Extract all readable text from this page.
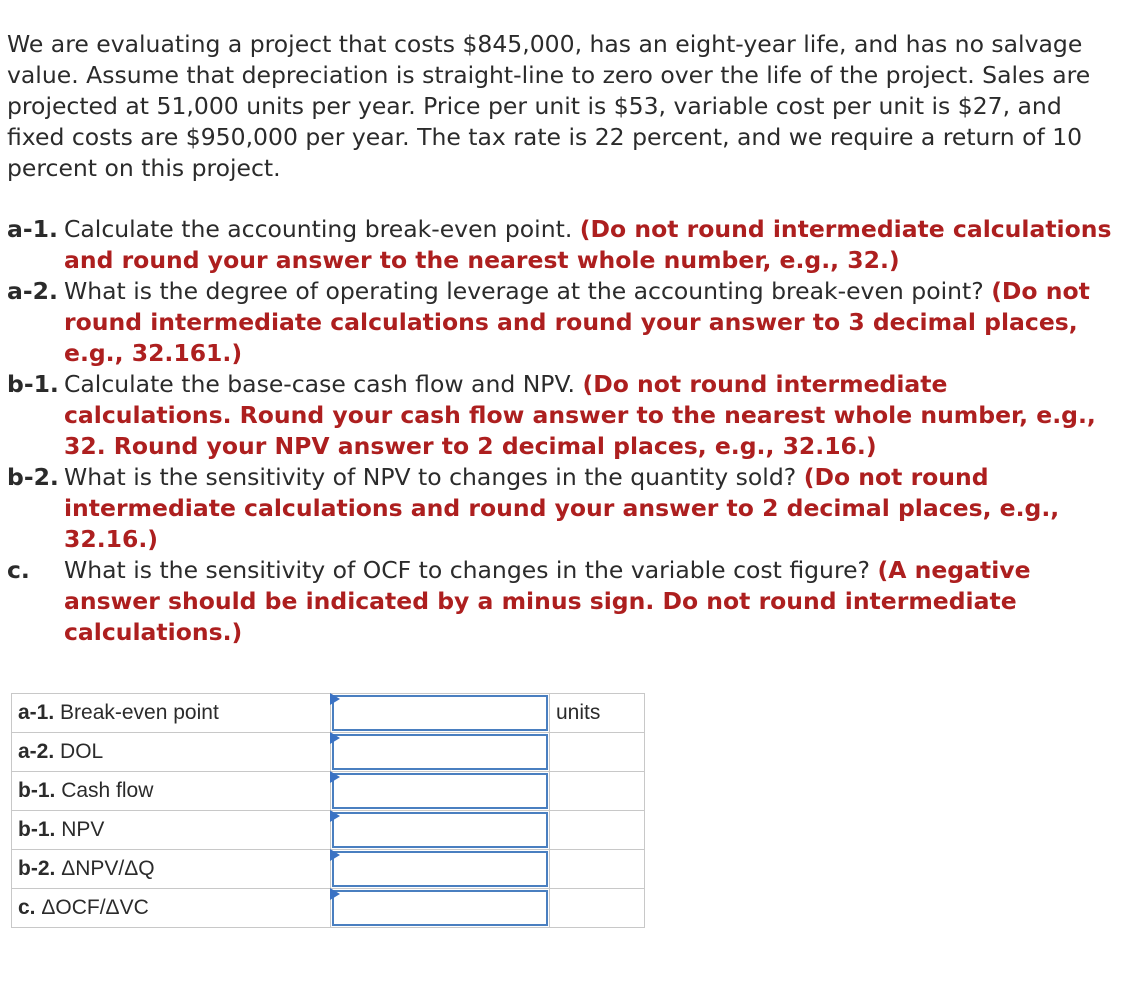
We are evaluating a project that costs $845,000, has an eight-year life, and has no salvage value. Assume that depreciation is straight-line to zero over the life of the project. Sales are projected at 51,000 units per year. Price per unit is $53, variable cost per unit is $27, and fixed costs are $950,000 per year. The tax rate is 22 percent, and we require a return of 10 percent on this project.

a-1. Calculate the accounting break-even point. (Do not round intermediate calculations and round your answer to the nearest whole number, e.g., 32.)
a-2. What is the degree of operating leverage at the accounting break-even point? (Do not round intermediate calculations and round your answer to 3 decimal places, e.g., 32.161.)
b-1. Calculate the base-case cash flow and NPV. (Do not round intermediate calculations. Round your cash flow answer to the nearest whole number, e.g., 32. Round your NPV answer to 2 decimal places, e.g., 32.16.)
b-2. What is the sensitivity of NPV to changes in the quantity sold? (Do not round intermediate calculations and round your answer to 2 decimal places, e.g., 32.16.)
c.	What is the sensitivity of OCF to changes in the variable cost figure? (A negative answer should be indicated by a minus sign. Do not round intermediate calculations.)
a-1. Break-even point		units
a-2. DOL	

b-1. Cash flow	

b-1. NPV	

b-2. ΔNPV/ΔQ	

c. ΔOCF/ΔVC	
